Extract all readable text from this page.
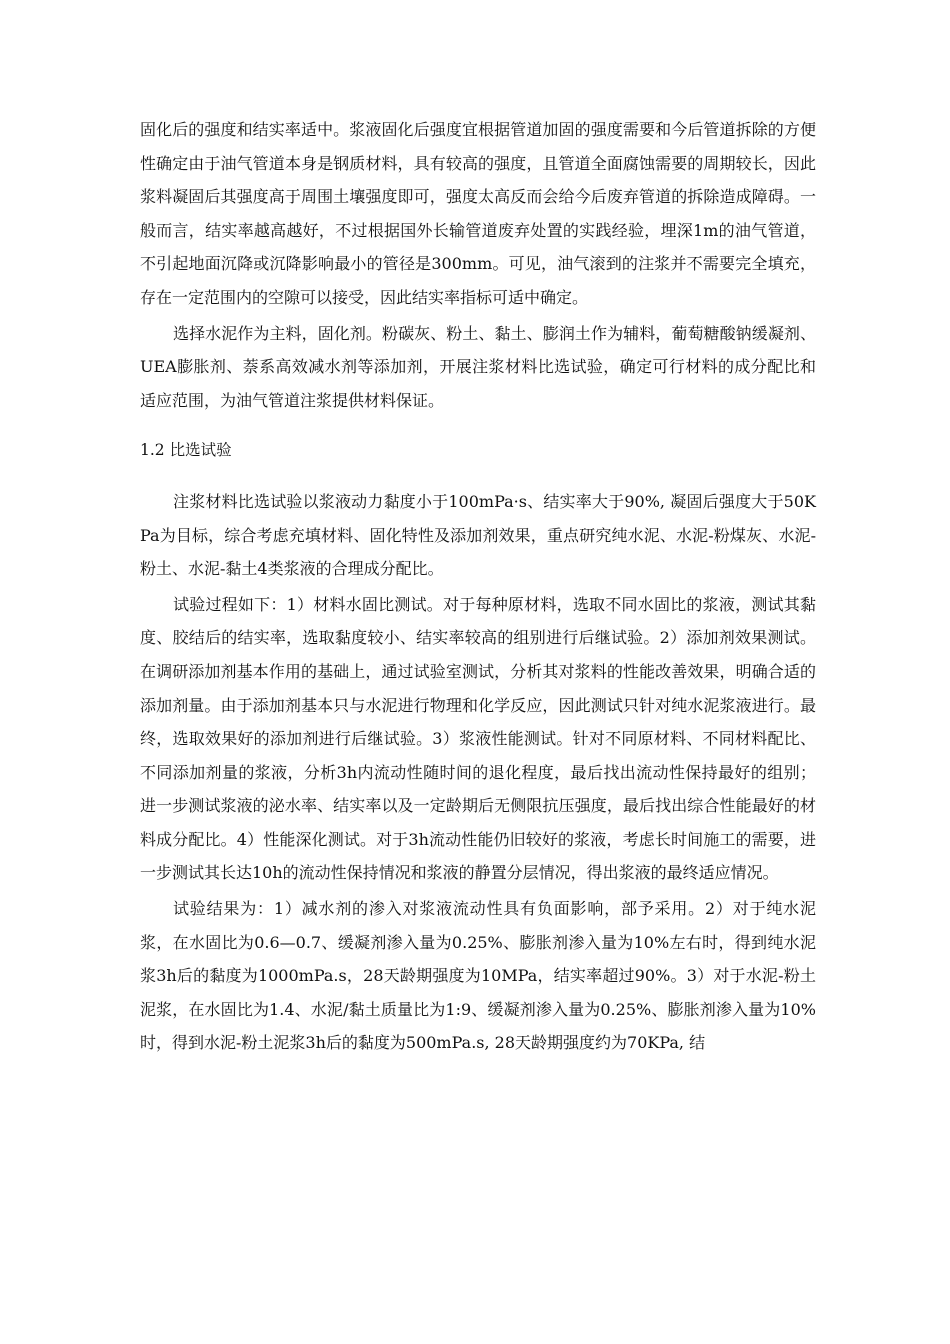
固化后的强度和结实率适中。浆液固化后强度宜根据管道加固的强度需要和今后管道拆除的方便性确定由于油气管道本身是钢质材料，具有较高的强度，且管道全面腐蚀需要的周期较长，因此浆料凝固后其强度高于周围土壤强度即可，强度太高反而会给今后废弃管道的拆除造成障碍。一般而言，结实率越高越好，不过根据国外长输管道废弃处置的实践经验，埋深1m的油气管道，不引起地面沉降或沉降影响最小的管径是300mm。可见，油气滚到的注浆并不需要完全填充，存在一定范围内的空隙可以接受，因此结实率指标可适中确定。

选择水泥作为主料，固化剂。粉碳灰、粉土、黏土、膨润土作为辅料，葡萄糖酸钠缓凝剂、UEA膨胀剂、萘系高效减水剂等添加剂，开展注浆材料比选试验，确定可行材料的成分配比和适应范围，为油气管道注浆提供材料保证。

1.2 比选试验

注浆材料比选试验以浆液动力黏度小于100mPa·s、结实率大于90%, 凝固后强度大于50KPa为目标，综合考虑充填材料、固化特性及添加剂效果，重点研究纯水泥、水泥-粉煤灰、水泥-粉土、水泥-黏土4类浆液的合理成分配比。

试验过程如下：1）材料水固比测试。对于每种原材料，选取不同水固比的浆液，测试其黏度、胶结后的结实率，选取黏度较小、结实率较高的组别进行后继试验。2）添加剂效果测试。在调研添加剂基本作用的基础上，通过试验室测试，分析其对浆料的性能改善效果，明确合适的添加剂量。由于添加剂基本只与水泥进行物理和化学反应，因此测试只针对纯水泥浆液进行。最终，选取效果好的添加剂进行后继试验。3）浆液性能测试。针对不同原材料、不同材料配比、不同添加剂量的浆液，分析3h内流动性随时间的退化程度，最后找出流动性保持最好的组别；进一步测试浆液的泌水率、结实率以及一定龄期后无侧限抗压强度，最后找出综合性能最好的材料成分配比。4）性能深化测试。对于3h流动性能仍旧较好的浆液，考虑长时间施工的需要，进一步测试其长达10h的流动性保持情况和浆液的静置分层情况，得出浆液的最终适应情况。

试验结果为：1）减水剂的渗入对浆液流动性具有负面影响，部予采用。2）对于纯水泥浆，在水固比为0.6—0.7、缓凝剂渗入量为0.25%、膨胀剂渗入量为10%左右时，得到纯水泥浆3h后的黏度为1000mPa.s，28天龄期强度为10MPa，结实率超过90%。3）对于水泥-粉土泥浆，在水固比为1.4、水泥/黏土质量比为1:9、缓凝剂渗入量为0.25%、膨胀剂渗入量为10%时，得到水泥-粉土泥浆3h后的黏度为500mPa.s, 28天龄期强度约为70KPa, 结
